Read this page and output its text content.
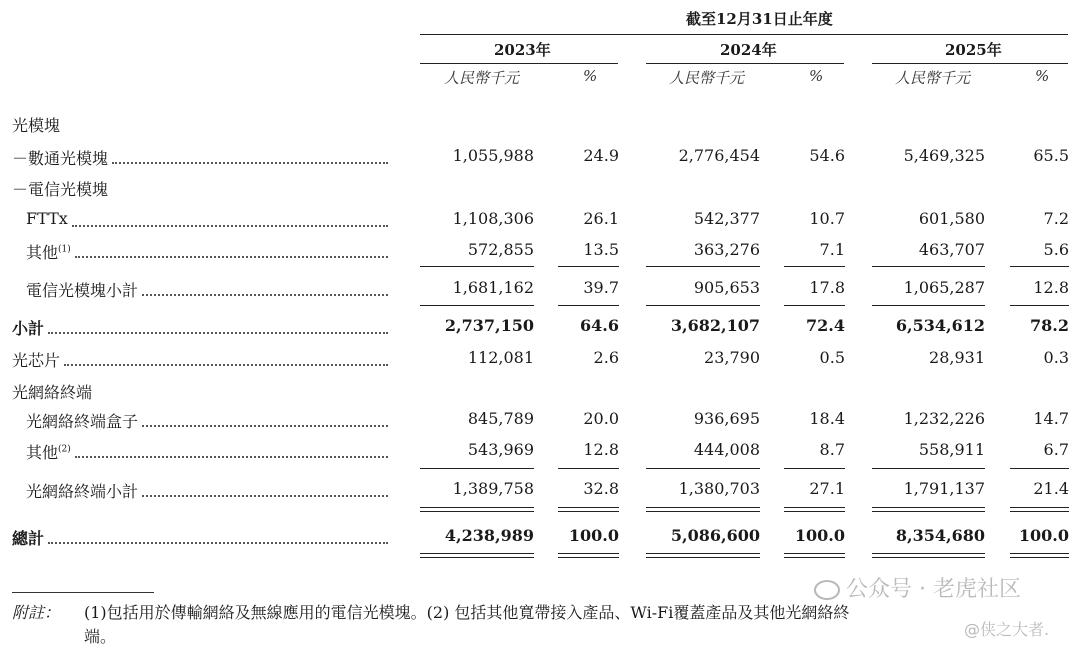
截至12月31日止年度
2023年	2024年	2025年
人民幣千元	%	人民幣千元	%	人民幣千元	%
光模塊
－數通光模塊	1,055,988	24.9	2,776,454	54.6	5,469,325	65.5
－電信光模塊
FTTx	1,108,306	26.1	542,377	10.7	601,580	7.2
其他$^{(1)}$	572,855	13.5	363,276	7.1	463,707	5.6
電信光模塊小計	1,681,162	39.7	905,653	17.8	1,065,287	12.8
小計	2,737,150	64.6	3,682,107	72.4	6,534,612	78.2
光芯片	112,081	2.6	23,790	0.5	28,931	0.3
光網絡終端
光網絡終端盒子	845,789	20.0	936,695	18.4	1,232,226	14.7
其他$^{(2)}$	543,969	12.8	444,008	8.7	558,911	6.7
光網絡終端小計	1,389,758	32.8	1,380,703	27.1	1,791,137	21.4
總計	4,238,989	100.0	5,086,600	100.0	8,354,680	100.0
附註： (1)包括用於傳輸網絡及無線應用的電信光模塊。(2) 包括其他寬帶接入產品、Wi-Fi覆蓋產品及其他光網絡終
端。
公众号 · 老虎社区
@侠之大者.
